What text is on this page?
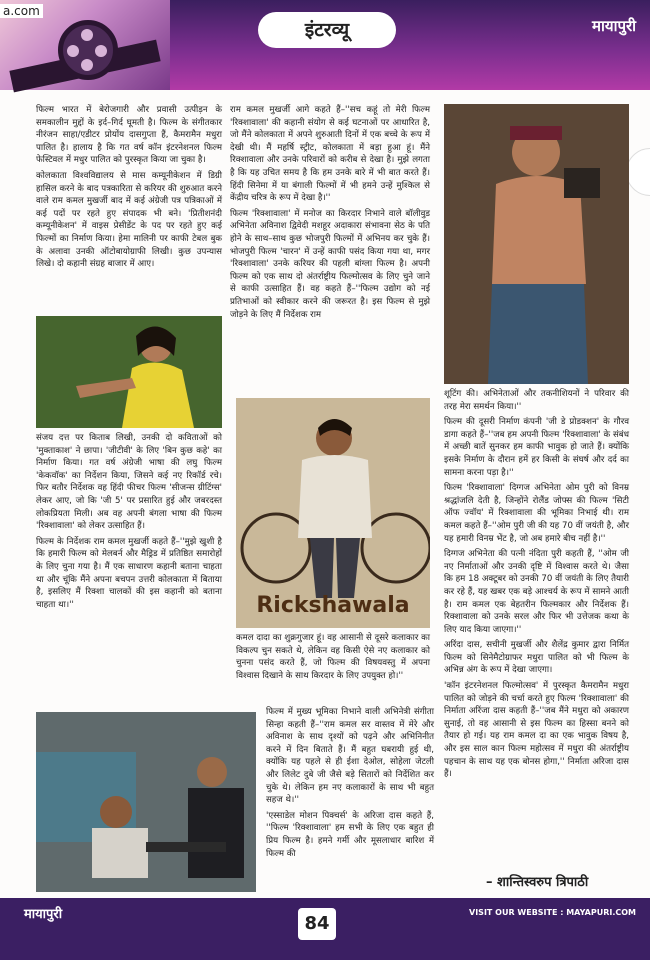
a.com
इंटरव्यू	मायापुरी

फिल्म भारत में बेरोजगारी और प्रवासी उत्पीड़न के समकालीन मुद्दों के इर्द–गिर्द घूमती है। फिल्म के संगीतकार नीरंजन साहा/एडीटर प्रोयोंय दासगुप्ता हैं, कैमरामैन मधुरा पालित है। हालाय है कि गत वर्ष कॉन इंटरनेशनल फिल्म फेस्टिवल में मधुर पालित को पुरस्कृत किया जा चुका है।

कोलकाता विश्वविद्यालय से मास कम्यूनीकेशन में डिग्री हासिल करने के बाद पत्रकारिता से करियर की शुरुआत करने वाले राम कमल मुखर्जी बाद में कई अंग्रेजी पत्र पत्रिकाओं में कई पदों पर रहते हुए संपादक भी बने। 'प्रितीशनंदी कम्यूनीकेशन' में वाइस प्रेसीडेंट के पद पर रहते हुए कई फिल्मों का निर्माण किया। हेमा मालिनी पर काफी टेबल बुक के अलावा उनकी ऑटोबायोग्राफी लिखी। कुछ उपन्यास लिखे। दो कहानी संग्रह बाजार में आए।

संजय दत्त पर किताब लिखी, उनकी दो कविताओं को 'मुक्ताकाश' ने छापा। 'जीटीवी' के लिए 'बिन कुछ कहे' का निर्माण किया। गत वर्ष अंग्रेजी भाषा की लघु फिल्म 'केकवॉक' का निर्देशन किया, जिसने कई नए रिकॉर्ड रचे। फिर बतौर निर्देशक वह हिंदी फीचर फिल्म 'सीजन्स ग्रीटिंग्स' लेकर आए, जो कि 'जी 5' पर प्रसारित हुई और जबरदस्त लोकप्रियता मिली। अब वह अपनी बंगला भाषा की फिल्म 'रिक्शावाला' को लेकर उत्साहित हैं।

फिल्म के निर्देशक राम कमल मुखर्जी कहते हैं–''मुझे खुशी है कि हमारी फिल्म को मेलबर्न और मैड्रिड में प्रतिष्ठित समारोहों के लिए चुना गया है। मैं एक साधारण कहानी बताना चाहता था और चूंकि मैंने अपना बचपन उत्तरी कोलकाता में बिताया है, इसलिए मैं रिक्शा चालकों की इस कहानी को बताना चाहता था।''

राम कमल मुखर्जी आगे कहते हैं–''सच कहूं तो मेरी फिल्म 'रिक्शावाला' की कहानी संयोग से कई घटनाओं पर आधारित है, जो मैंने कोलकाता में अपने शुरुआती दिनों में एक बच्चे के रूप में देखी थी। मैं महर्षि स्ट्रीट, कोलकाता में बड़ा हुआ हूं। मैंने रिक्शावाला और उनके परिवारों को करीब से देखा है। मुझे लगता है कि यह उचित समय है कि हम उनके बारे में भी बात करते हैं। हिंदी सिनेमा में या बंगाली फिल्मों में भी हमने उन्हें मुश्किल से केंद्रीय चरित्र के रूप में देखा है।''

फिल्म 'रिक्शावाला' में मनोज का किरदार निभाने वाले बॉलीवुड अभिनेता अविनाश द्विवेदी मशहूर अदाकारा संभावना सेठ के पति होने के साथ–साथ कुछ भोजपुरी फिल्मों में अभिनय कर चुके हैं। भोजपुरी फिल्म 'चारन' में उन्हें काफी पसंद किया गया था, मगर 'रिक्शावाला' उनके करियर की पहली बांग्ला फिल्म है। अपनी फिल्म को एक साथ दो अंतर्राष्ट्रीय फिल्मोत्सव के लिए चुने जाने से काफी उत्साहित हैं। वह कहते हैं–''फिल्म उद्योग को नई प्रतिभाओं को स्वीकार करने की जरूरत है। इस फिल्म से मुझे जोड़ने के लिए मैं निर्देशक राम

Rickshawala

कमल दादा का शुक्रगुजार हूं। वह आसानी से दूसरे कलाकार का विकल्प चुन सकते थे, लेकिन वह किसी ऐसे नए कलाकार को चुनना पसंद करते हैं, जो फिल्म की विषयवस्तु में अपना विश्वास दिखाने के साथ किरदार के लिए उपयुक्त हो।''

फिल्म में मुख्य भूमिका निभाने वाली अभिनेत्री संगीता सिन्हा कहती हैं–''राम कमल सर वास्तव में मेरे और अविनाश के साथ दृश्यों को पढ़ने और अभिनिनीत करने में दिन बिताते हैं। मैं बहुत घबरायी हुई थी, क्योंकि यह पहले से ही ईशा देओल, सोहेला जेटली और लिलेट दुबे जी जैसे बड़े सितारों को निर्देशित कर चुके थे। लेकिन हम नए कलाकारों के साथ भी बहुत सहज थे।''

'एस्साडेल मोशन पिक्चर्स' के अरिजा दास कहते हैं, ''फिल्म 'रिक्शावाला' हम सभी के लिए एक बहुत ही प्रिय फिल्म है। हमने गर्मी और मूसलाधार बारिश में फिल्म की

शूटिंग की। अभिनेताओं और तकनीशियनों ने परिवार की तरह मेरा समर्थन किया।''

फिल्म की दूसरी निर्माण कंपनी 'जी डे प्रोडक्शन' के गौरव डागा कहते हैं–''जब हम अपनी फिल्म 'रिक्शावाला' के संबंध में अच्छी बातें सुनकर हम काफी भावुक हो जाते हैं। क्योंकि इसके निर्माण के दौरान हमें हर किसी के संघर्ष और दर्द का सामना करना पड़ा है।''

फिल्म 'रिक्शावाला' दिग्गज अभिनेता ओम पुरी को विनम्र श्रद्धांजलि देती है, जिन्होंने रोलैंड जोफ्स की फिल्म 'सिटी ऑफ ज्वॉय' में रिक्शावाला की भूमिका निभाई थी। राम कमल कहते हैं–''ओम पुरी जी की यह 70 वीं जयंती है, और यह हमारी विनम्र भेंट है, जो अब हमारे बीच नहीं है।''

दिग्गज अभिनेता की पत्नी नंदिता पुरी कहती हैं, ''ओम जी नए निर्माताओं और उनकी दृष्टि में विश्वास करते थे। जैसा कि हम 18 अक्टूबर को उनकी 70 वीं जयंती के लिए तैयारी कर रहे हैं, यह खबर एक बड़े आश्चर्य के रूप में सामने आती है। राम कमल एक बेहतरीन फिल्मकार और निर्देशक हैं। रिक्शावाला को उनके सरल और फिर भी उत्तेजक कथा के लिए याद किया जाएगा।''

अरिंदा दास, सचीनी मुखर्जी और शैलेंद्र कुमार द्वारा निर्मित फिल्म को सिनेमैटोग्राफर मधुरा पालित को भी फिल्म के अभिन्न अंग के रूप में देखा जाएगा।

'कॉन इंटरनेशनल फिल्मोत्सव' में पुरस्कृत कैमरामैन मधुरा पालित को जोड़ने की चर्चा करते हुए फिल्म 'रिक्शावाला' की निर्माता अरिंजा दास कहती हैं–''जब मैंने मधुरा को अकारण सुनाई, तो वह आसानी से इस फिल्म का हिस्सा बनने को तैयार हो गई। यह राम कमल दा का एक भावुक विषय है, और इस साल कान फिल्म महोत्सव में मधुरा की अंतर्राष्ट्रीय पहचान के साथ यह एक बोनस होगा,'' निर्माता अरिजा दास हैं।

– शान्तिस्वरुप त्रिपाठी
मायापुरी	84
VISIT OUR WEBSITE : MAYAPURI.COM
